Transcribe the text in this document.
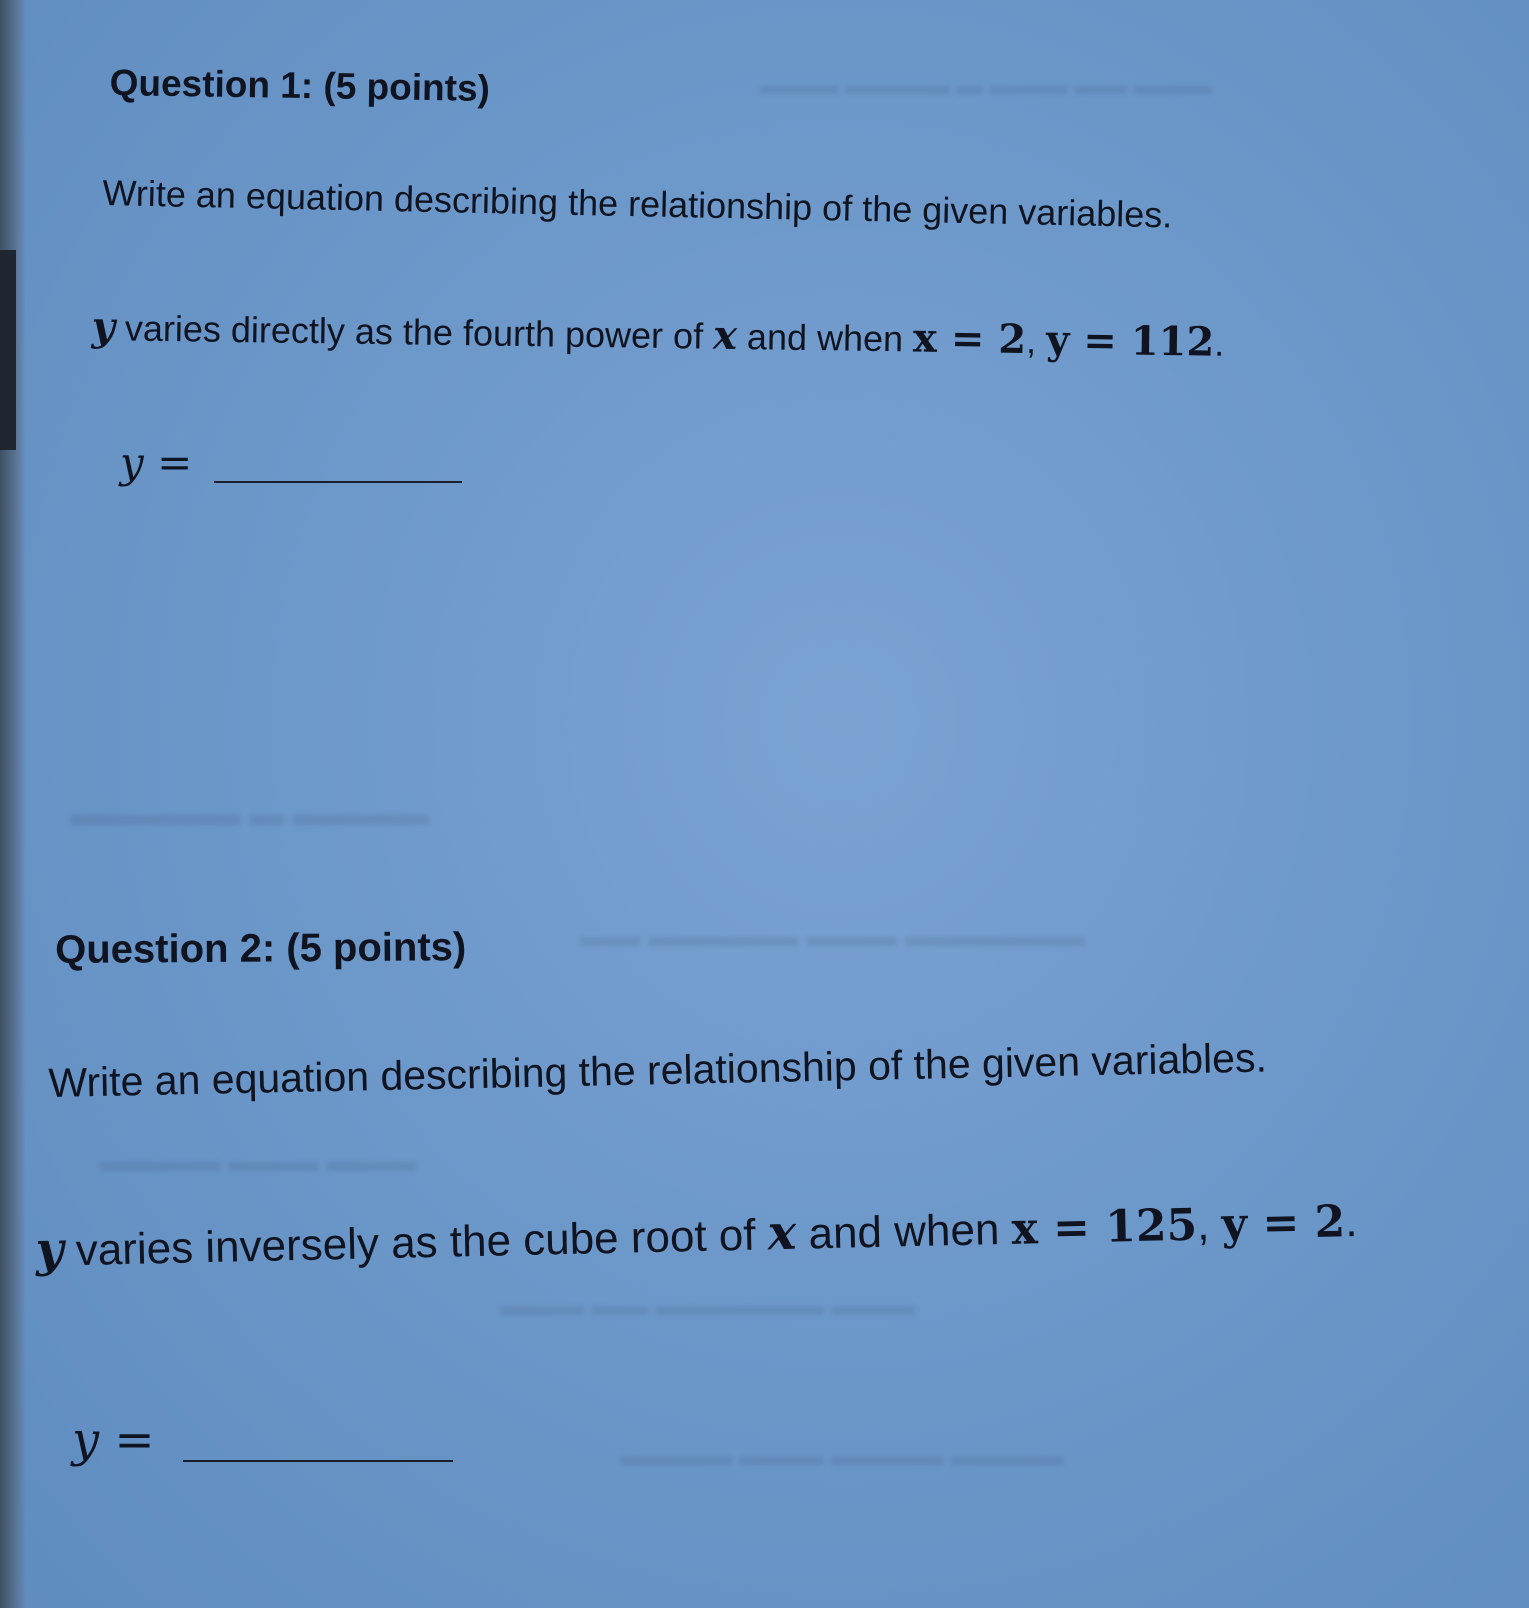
▬▬▬▬▬ ▬ ▬▬▬▬
▬▬ ▬▬▬▬▬ ▬▬▬ ▬▬▬▬▬▬
▬▬▬▬ ▬▬▬ ▬▬▬
▬▬▬ ▬▬ ▬▬▬▬▬▬ ▬▬▬
▬▬▬▬ ▬▬▬ ▬▬▬▬ ▬▬▬▬
▬▬▬ ▬▬▬▬ ▬ ▬▬▬ ▬▬ ▬▬▬
Question 1: (5 points)
Write an equation describing the relationship of the given variables.
y varies directly as the fourth power of x and when x = 2, y = 112.
y =
Question 2: (5 points)
Write an equation describing the relationship of the given variables.
y varies inversely as the cube root of x and when x = 125, y = 2.
y =
